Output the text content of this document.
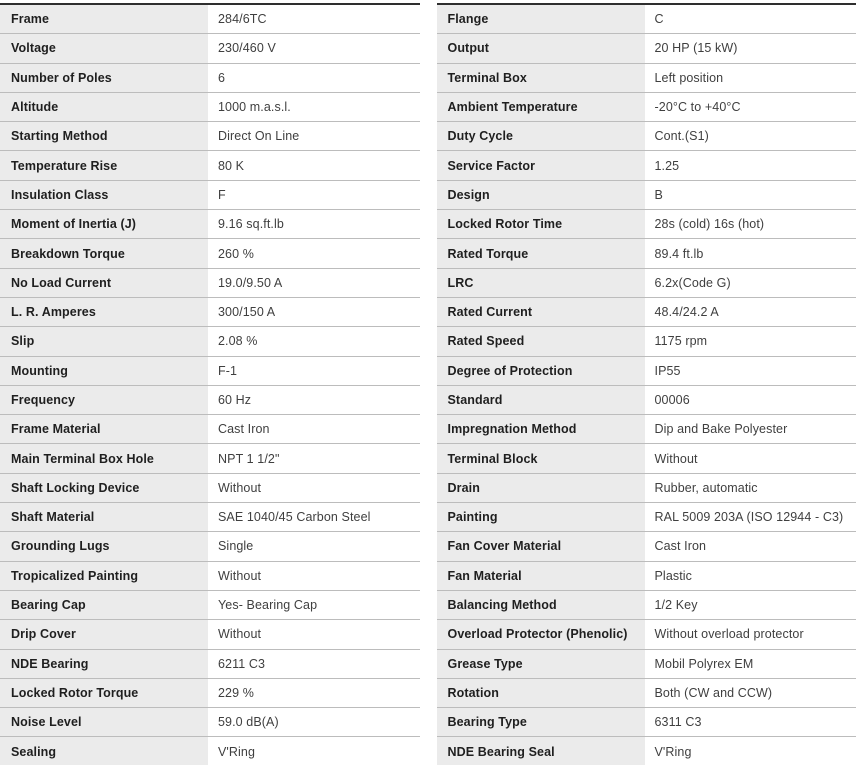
Frame	284/6TC
Voltage	230/460 V
Number of Poles	6
Altitude	1000 m.a.s.l.
Starting Method	Direct On Line
Temperature Rise	80 K
Insulation Class	F
Moment of Inertia (J)	9.16 sq.ft.lb
Breakdown Torque	260 %
No Load Current	19.0/9.50 A
L. R. Amperes	300/150 A
Slip	2.08 %
Mounting	F-1
Frequency	60 Hz
Frame Material	Cast Iron
Main Terminal Box Hole	NPT 1 1/2"
Shaft Locking Device	Without
Shaft Material	SAE 1040/45 Carbon Steel
Grounding Lugs	Single
Tropicalized Painting	Without
Bearing Cap	Yes- Bearing Cap
Drip Cover	Without
NDE Bearing	6211 C3
Locked Rotor Torque	229 %
Noise Level	59.0 dB(A)
Sealing	V'Ring
Flange	C
Output	20 HP (15 kW)
Terminal Box	Left position
Ambient Temperature	-20°C to +40°C
Duty Cycle	Cont.(S1)
Service Factor	1.25
Design	B
Locked Rotor Time	28s (cold) 16s (hot)
Rated Torque	89.4 ft.lb
LRC	6.2x(Code G)
Rated Current	48.4/24.2 A
Rated Speed	1175 rpm
Degree of Protection	IP55
Standard	00006
Impregnation Method	Dip and Bake Polyester
Terminal Block	Without
Drain	Rubber, automatic
Painting	RAL 5009 203A (ISO 12944 - C3)
Fan Cover Material	Cast Iron
Fan Material	Plastic
Balancing Method	1/2 Key
Overload Protector (Phenolic)	Without overload protector
Grease Type	Mobil Polyrex EM
Rotation	Both (CW and CCW)
Bearing Type	6311 C3
NDE Bearing Seal	V'Ring
